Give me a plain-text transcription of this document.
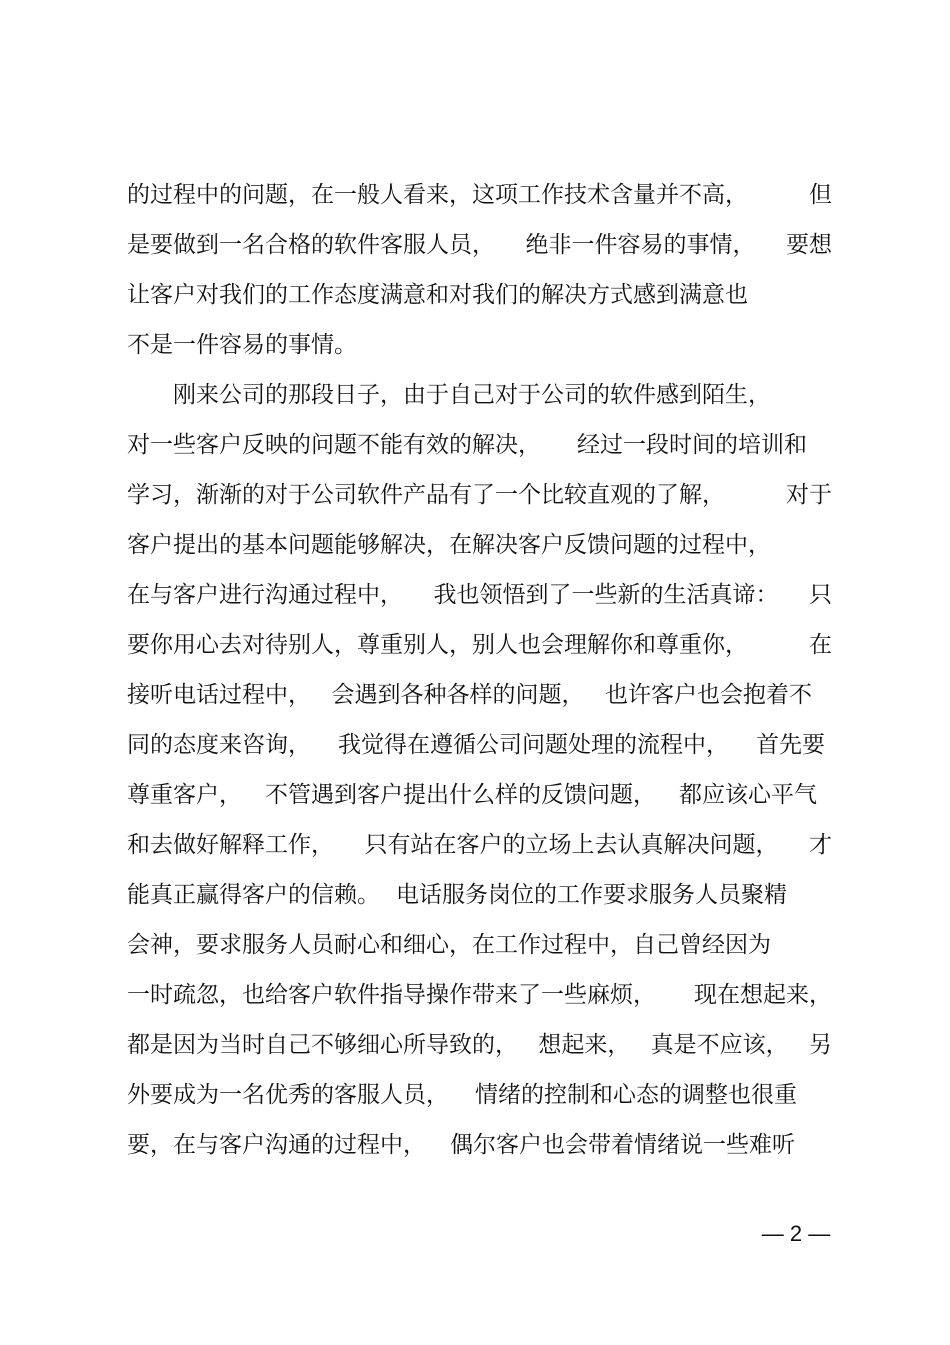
的过程中的问题，在一般人看来，这项工作技术含量并不高，	但
是要做到一名合格的软件客服人员， 绝非一件容易的事情， 要想
让客户对我们的工作态度满意和对我们的解决方式感到满意也
不是一件容易的事情。
　　刚来公司的那段日子，由于自己对于公司的软件感到陌生，
对一些客户反映的问题不能有效的解决， 经过一段时间的培训和
学习，渐渐的对于公司软件产品有了一个比较直观的了解，	对于
客户提出的基本问题能够解决，在解决客户反馈问题的过程中，
在与客户进行沟通过程中， 我也领悟到了一些新的生活真谛： 只
要你用心去对待别人，尊重别人，别人也会理解你和尊重你，	在
接听电话过程中， 会遇到各种各样的问题， 也许客户也会抱着不
同的态度来咨询， 我觉得在遵循公司问题处理的流程中， 首先要
尊重客户， 不管遇到客户提出什么样的反馈问题， 都应该心平气
和去做好解释工作， 只有站在客户的立场上去认真解决问题， 才
能真正赢得客户的信赖。 电话服务岗位的工作要求服务人员聚精
会神，要求服务人员耐心和细心，在工作过程中，自己曾经因为
一时疏忽，也给客户软件指导操作带来了一些麻烦， 现在想起来，
都是因为当时自己不够细心所导致的， 想起来， 真是不应该， 另
外要成为一名优秀的客服人员， 情绪的控制和心态的调整也很重
要，在与客户沟通的过程中， 偶尔客户也会带着情绪说一些难听
— 2 —
